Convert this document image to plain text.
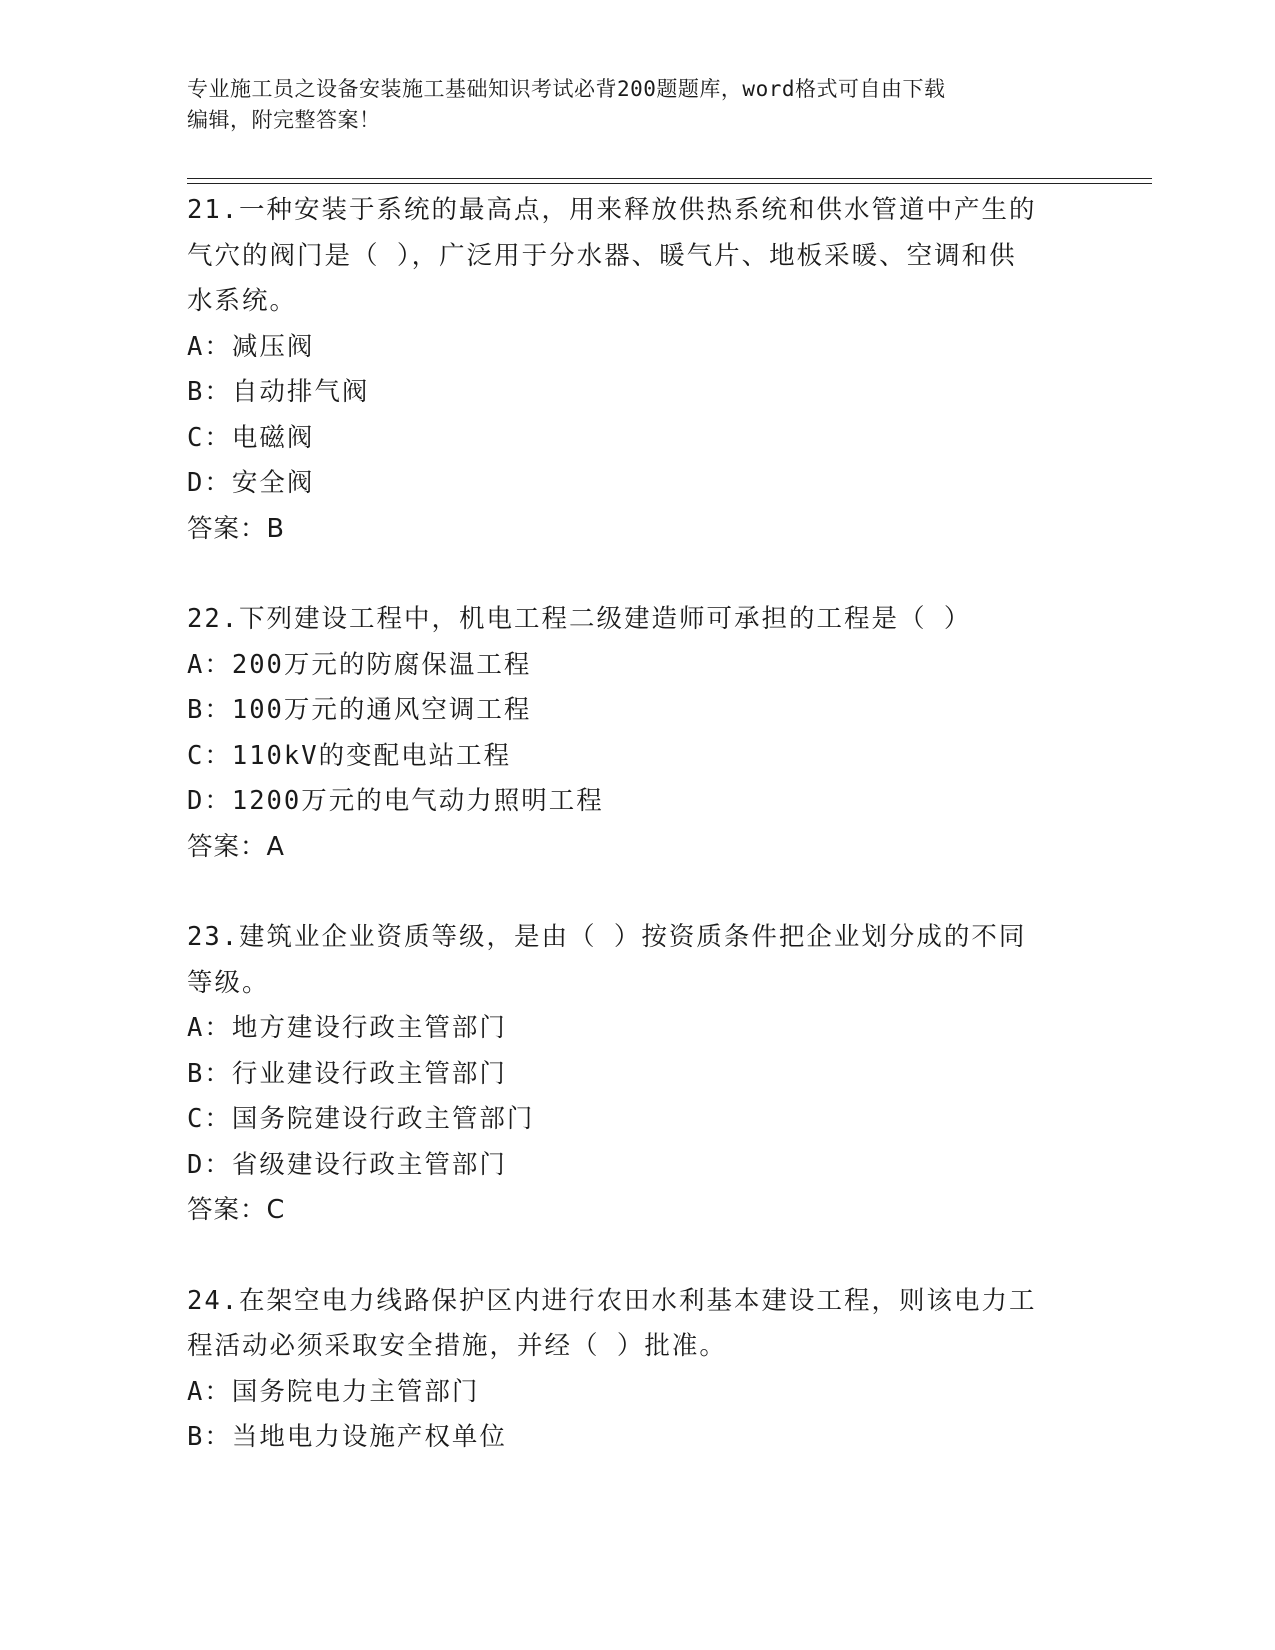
专业施工员之设备安装施工基础知识考试必背200题题库，word格式可自由下载
编辑，附完整答案！
21.一种安装于系统的最高点，用来释放供热系统和供水管道中产生的
气穴的阀门是（ ），广泛用于分水器、暖气片、地板采暖、空调和供
水系统。
A：减压阀
B：自动排气阀
C：电磁阀
D：安全阀
答案：B
22.下列建设工程中，机电工程二级建造师可承担的工程是（ ）
A：200万元的防腐保温工程
B：100万元的通风空调工程
C：110kV的变配电站工程
D：1200万元的电气动力照明工程
答案：A
23.建筑业企业资质等级，是由（ ）按资质条件把企业划分成的不同
等级。
A：地方建设行政主管部门
B：行业建设行政主管部门
C：国务院建设行政主管部门
D：省级建设行政主管部门
答案：C
24.在架空电力线路保护区内进行农田水利基本建设工程，则该电力工
程活动必须采取安全措施，并经（ ）批准。
A：国务院电力主管部门
B：当地电力设施产权单位
